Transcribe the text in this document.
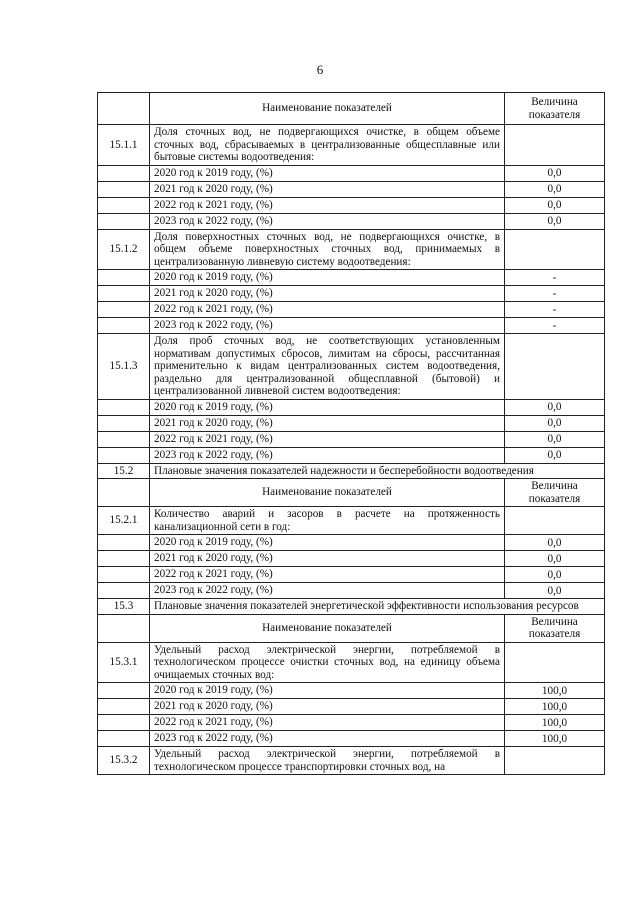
6
	Наименование показателей	Величина показателя
15.1.1	Доля сточных вод, не подвергающихся очистке, в общем объеме сточных вод, сбрасываемых в централизованные общесплавные или бытовые системы водоотведения:	
	2020 год к 2019 году, (%)	0,0
	2021 год к 2020 году, (%)	0,0
	2022 год к 2021 году, (%)	0,0
	2023 год к 2022 году, (%)	0,0
15.1.2	Доля поверхностных сточных вод, не подвергающихся очистке, в общем объеме поверхностных сточных вод, принимаемых в централизованную ливневую систему водоотведения:	
	2020 год к 2019 году, (%)	-
	2021 год к 2020 году, (%)	-
	2022 год к 2021 году, (%)	-
	2023 год к 2022 году, (%)	-
15.1.3	Доля проб сточных вод, не соответствующих установленным нормативам допустимых сбросов, лимитам на сбросы, рассчитанная применительно к видам централизованных систем водоотведения, раздельно для централизованной общесплавной (бытовой) и централизованной ливневой систем водоотведения:	
	2020 год к 2019 году, (%)	0,0
	2021 год к 2020 году, (%)	0,0
	2022 год к 2021 году, (%)	0,0
	2023 год к 2022 году, (%)	0,0
15.2	Плановые значения показателей надежности и бесперебойности водоотведения	
	Наименование показателей	Величина показателя
15.2.1	Количество аварий и засоров в расчете на протяженность канализационной сети в год:	
	2020 год к 2019 году, (%)	0,0
	2021 год к 2020 году, (%)	0,0
	2022 год к 2021 году, (%)	0,0
	2023 год к 2022 году, (%)	0,0
15.3	Плановые значения показателей энергетической эффективности использования ресурсов	
	Наименование показателей	Величина показателя
15.3.1	Удельный расход электрической энергии, потребляемой в технологическом процессе очистки сточных вод, на единицу объема очищаемых сточных вод:	
	2020 год к 2019 году, (%)	100,0
	2021 год к 2020 году, (%)	100,0
	2022 год к 2021 году, (%)	100,0
	2023 год к 2022 году, (%)	100,0
15.3.2	Удельный расход электрической энергии, потребляемой в технологическом процессе транспортировки сточных вод, на	
